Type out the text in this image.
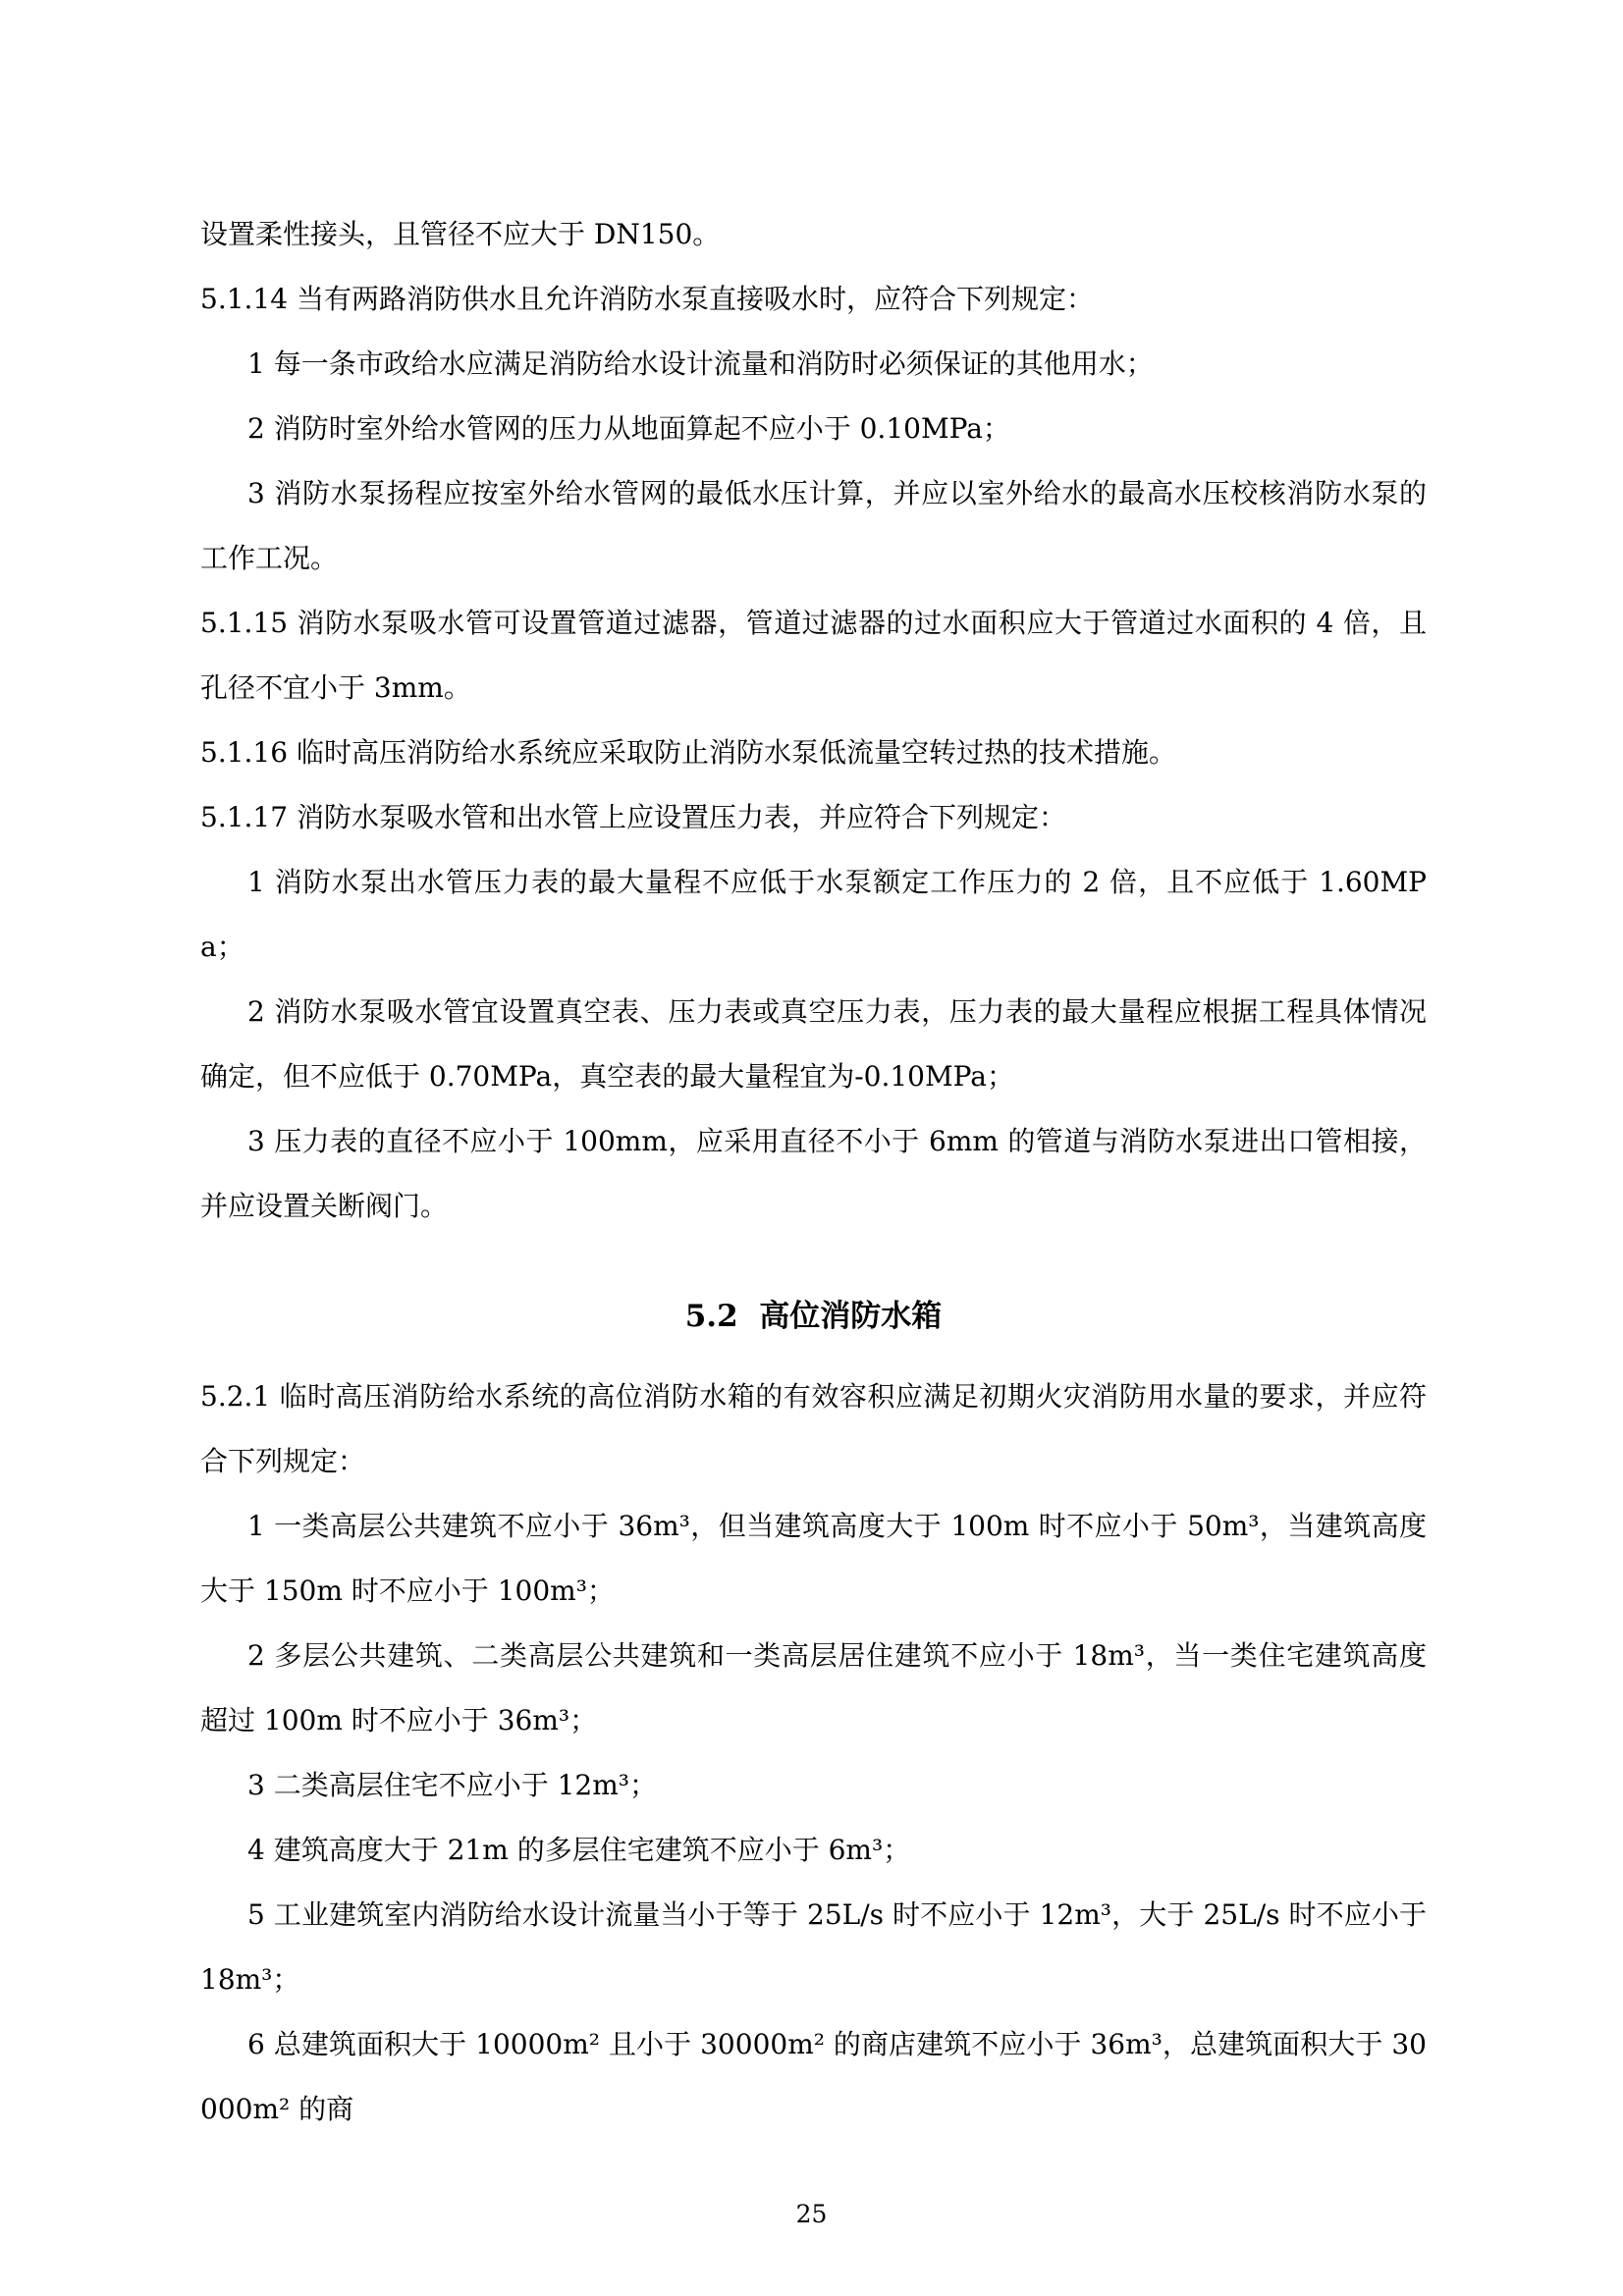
设置柔性接头，且管径不应大于 DN150。

5.1.14 当有两路消防供水且允许消防水泵直接吸水时，应符合下列规定：

1 每一条市政给水应满足消防给水设计流量和消防时必须保证的其他用水；

2 消防时室外给水管网的压力从地面算起不应小于 0.10MPa；

3 消防水泵扬程应按室外给水管网的最低水压计算，并应以室外给水的最高水压校核消防水泵的工作工况。

5.1.15 消防水泵吸水管可设置管道过滤器，管道过滤器的过水面积应大于管道过水面积的 4 倍，且孔径不宜小于 3mm。

5.1.16 临时高压消防给水系统应采取防止消防水泵低流量空转过热的技术措施。

5.1.17 消防水泵吸水管和出水管上应设置压力表，并应符合下列规定：

1 消防水泵出水管压力表的最大量程不应低于水泵额定工作压力的 2 倍，且不应低于 1.60MPa；

2 消防水泵吸水管宜设置真空表、压力表或真空压力表，压力表的最大量程应根据工程具体情况确定，但不应低于 0.70MPa，真空表的最大量程宜为-0.10MPa；

3 压力表的直径不应小于 100mm，应采用直径不小于 6mm 的管道与消防水泵进出口管相接，并应设置关断阀门。

5.2  高位消防水箱

5.2.1 临时高压消防给水系统的高位消防水箱的有效容积应满足初期火灾消防用水量的要求，并应符合下列规定：

1 一类高层公共建筑不应小于 36m³，但当建筑高度大于 100m 时不应小于 50m³，当建筑高度大于 150m 时不应小于 100m³；

2 多层公共建筑、二类高层公共建筑和一类高层居住建筑不应小于 18m³，当一类住宅建筑高度超过 100m 时不应小于 36m³；

3 二类高层住宅不应小于 12m³；

4 建筑高度大于 21m 的多层住宅建筑不应小于 6m³；

5 工业建筑室内消防给水设计流量当小于等于 25L/s 时不应小于 12m³，大于 25L/s 时不应小于 18m³；

6 总建筑面积大于 10000m² 且小于 30000m² 的商店建筑不应小于 36m³，总建筑面积大于 30000m² 的商

25
